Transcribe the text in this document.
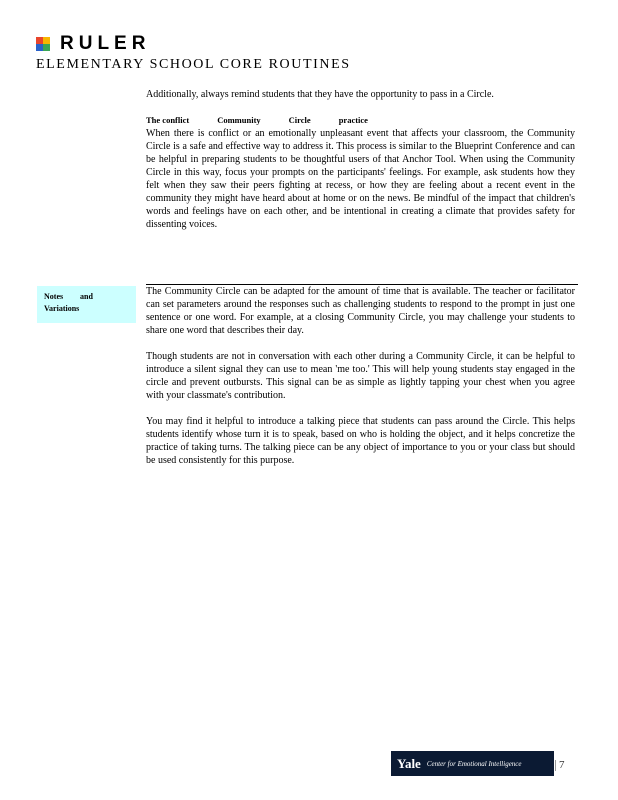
RULER
ELEMENTARY SCHOOL CORE ROUTINES

Additionally, always remind students that they have the opportunity to pass in a Circle.

The conflict	Community	Circle	practice

When there is conflict or an emotionally unpleasant event that affects your classroom, the Community Circle is a safe and effective way to address it. This process is similar to the Blueprint Conference and can be helpful in preparing students to be thoughtful users of that Anchor Tool. When using the Community Circle in this way, focus your prompts on the participants' feelings. For example, ask students how they felt when they saw their peers fighting at recess, or how they are feeling about a recent event in the community they might have heard about at home or on the news. Be mindful of the impact that children's words and feelings have on each other, and be intentional in creating a climate that provides safety for dissenting voices.

Notes and
Variations

The Community Circle can be adapted for the amount of time that is available. The teacher or facilitator can set parameters around the responses such as challenging students to respond to the prompt in just one sentence or one word. For example, at a closing Community Circle, you may challenge your students to share one word that describes their day.

Though students are not in conversation with each other during a Community Circle, it can be helpful to introduce a silent signal they can use to mean 'me too.' This will help young students stay engaged in the circle and prevent outbursts. This signal can be as simple as lightly tapping your chest when you agree with your classmate's contribution.

You may find it helpful to introduce a talking piece that students can pass around the Circle. This helps students identify whose turn it is to speak, based on who is holding the object, and it helps concretize the practice of taking turns. The talking piece can be any object of importance to you or your class but should be used consistently for this purpose.

Yale Center for Emotional Intelligence	7
